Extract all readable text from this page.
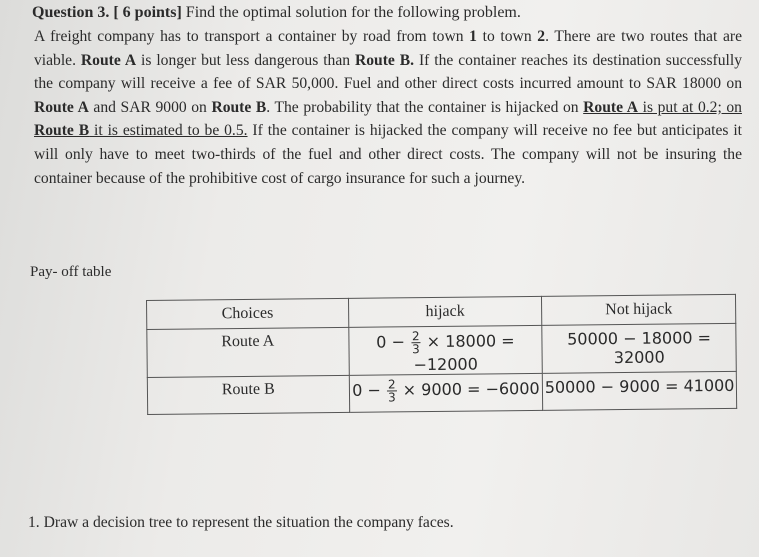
Question 3. [ 6 points] Find the optimal solution for the following problem.

A freight company has to transport a container by road from town 1 to town 2. There are two routes that are viable. Route A is longer but less dangerous than Route B. If the container reaches its destination successfully the company will receive a fee of SAR 50,000. Fuel and other direct costs incurred amount to SAR 18000 on Route A and SAR 9000 on Route B. The probability that the container is hijacked on Route A is put at 0.2; on Route B it is estimated to be 0.5. If the container is hijacked the company will receive no fee but anticipates it will only have to meet two-thirds of the fuel and other direct costs. The company will not be insuring the container because of the prohibitive cost of cargo insurance for such a journey.

Pay- off table
Choices	hijack	Not hijack

Route A	$0 - \frac{2}{3} \times 18000 = -12000$	50000 − 18000 = 32000

Route B	$0 - \frac{2}{3} \times 9000 = -6000$	50000 − 9000 = 41000
1. Draw a decision tree to represent the situation the company faces.
